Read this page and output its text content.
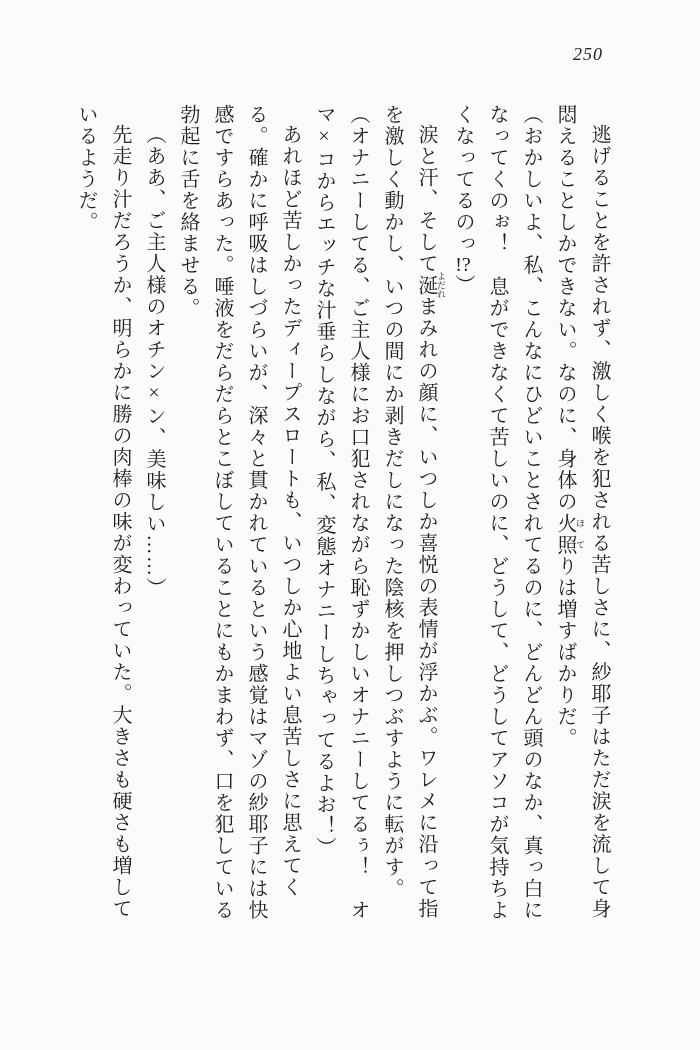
250

逃げることを許されず、激しく喉を犯される苦しさに、紗耶子はただ涙を流して身悶えることしかできない。なのに、身体の火照 ほてりは増すばかりだ。

（おかしいよ、私、こんなにひどいことされてるのに、どんどん頭のなか、真っ白になってくのぉ！　息ができなくて苦しいのに、どうして、どうしてアソコが気持ちよくなってるのっ!?）

涙と汗、そして涎 よだれまみれの顔に、いつしか喜悦の表情が浮かぶ。ワレメに沿って指を激しく動かし、いつの間にか剥きだしになった陰核を押しつぶすように転がす。

（オナニーしてる、ご主人様にお口犯されながら恥ずかしいオナニーしてるぅ！　オマ×コからエッチな汁垂らしながら、私、変態オナニーしちゃってるよお！）

あれほど苦しかったディープスロートも、いつしか心地よい息苦しさに思えてくる。確かに呼吸はしづらいが、深々と貫かれているという感覚はマゾの紗耶子には快感ですらあった。唾液をだらだらとこぼしていることにもかまわず、口を犯している勃起に舌を絡ませる。

（ああ、ご主人様のオチン×ン、美味しい……）

先走り汁だろうか、明らかに勝の肉棒の味が変わっていた。大きさも硬さも増しているようだ。
